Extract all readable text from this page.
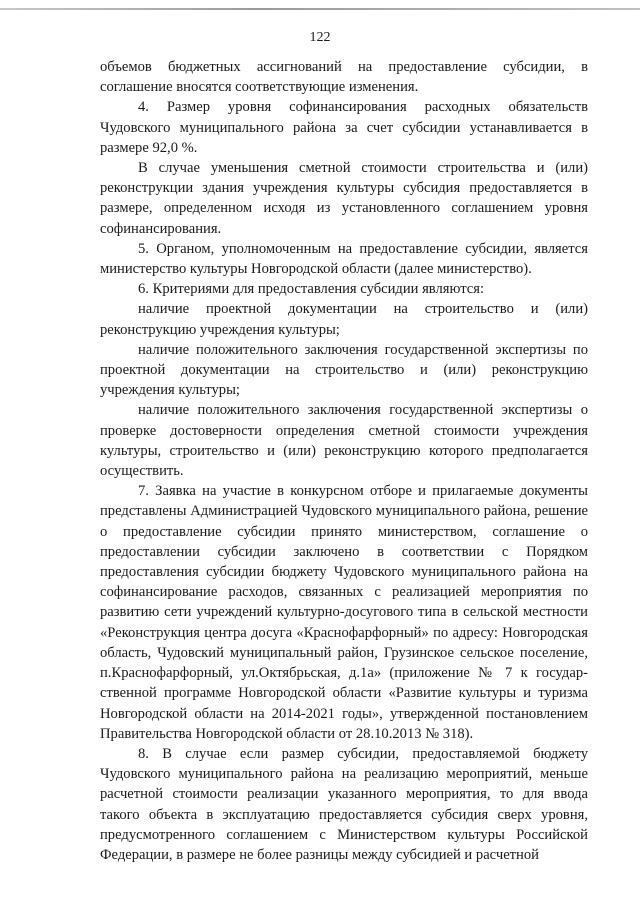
122

объемов бюджетных ассигнований на предоставление субсидии, в соглашение вносятся соответствующие изменения.

4. Размер уровня софинансирования расходных обязательств Чудовского муниципального района за счет субсидии устанавливается в размере 92,0 %.

В случае уменьшения сметной стоимости строительства и (или) реконструкции здания учреждения культуры субсидия предоставляется в размере, определенном исходя из установленного соглашением уровня софинансирования.

5. Органом, уполномоченным на предоставление субсидии, является министерство культуры Новгородской области (далее министерство).

6. Критериями для предоставления субсидии являются:

наличие проектной документации на строительство и (или) реконструкцию учреждения культуры;

наличие положительного заключения государственной экспертизы по проектной документации на строительство и (или) реконструкцию учреждения культуры;

наличие положительного заключения государственной экспертизы о проверке достоверности определения сметной стоимости учреждения культуры, строительство и (или) реконструкцию которого предполагается осуществить.

7. Заявка на участие в конкурсном отборе и прилагаемые документы представлены Администрацией Чудовского муниципального района, решение о предоставление субсидии принято министерством, соглашение о предоставлении субсидии заключено в соответствии с Порядком предоставления субсидии бюджету Чудовского муниципального района на софинансирование расходов, связанных с реализацией мероприятия по развитию сети учреждений культурно-досугового типа в сельской местности «Реконструкция центра досуга «Краснофарфорный» по адресу: Новгородская область, Чудовский муниципальный район, Грузинское сельское поселение, п.Краснофарфорный, ул.Октябрьская, д.1а» (приложение № 7 к государственной программе Новгородской области «Развитие культуры и туризма Новгородской области на 2014-2021 годы», утвержденной постановлением Правительства Новгородской области от 28.10.2013 № 318).

8. В случае если размер субсидии, предоставляемой бюджету Чудовского муниципального района на реализацию мероприятий, меньше расчетной стоимости реализации указанного мероприятия, то для ввода такого объекта в эксплуатацию предоставляется субсидия сверх уровня, предусмотренного соглашением с Министерством культуры Российской Федерации, в размере не более разницы между субсидией и расчетной
